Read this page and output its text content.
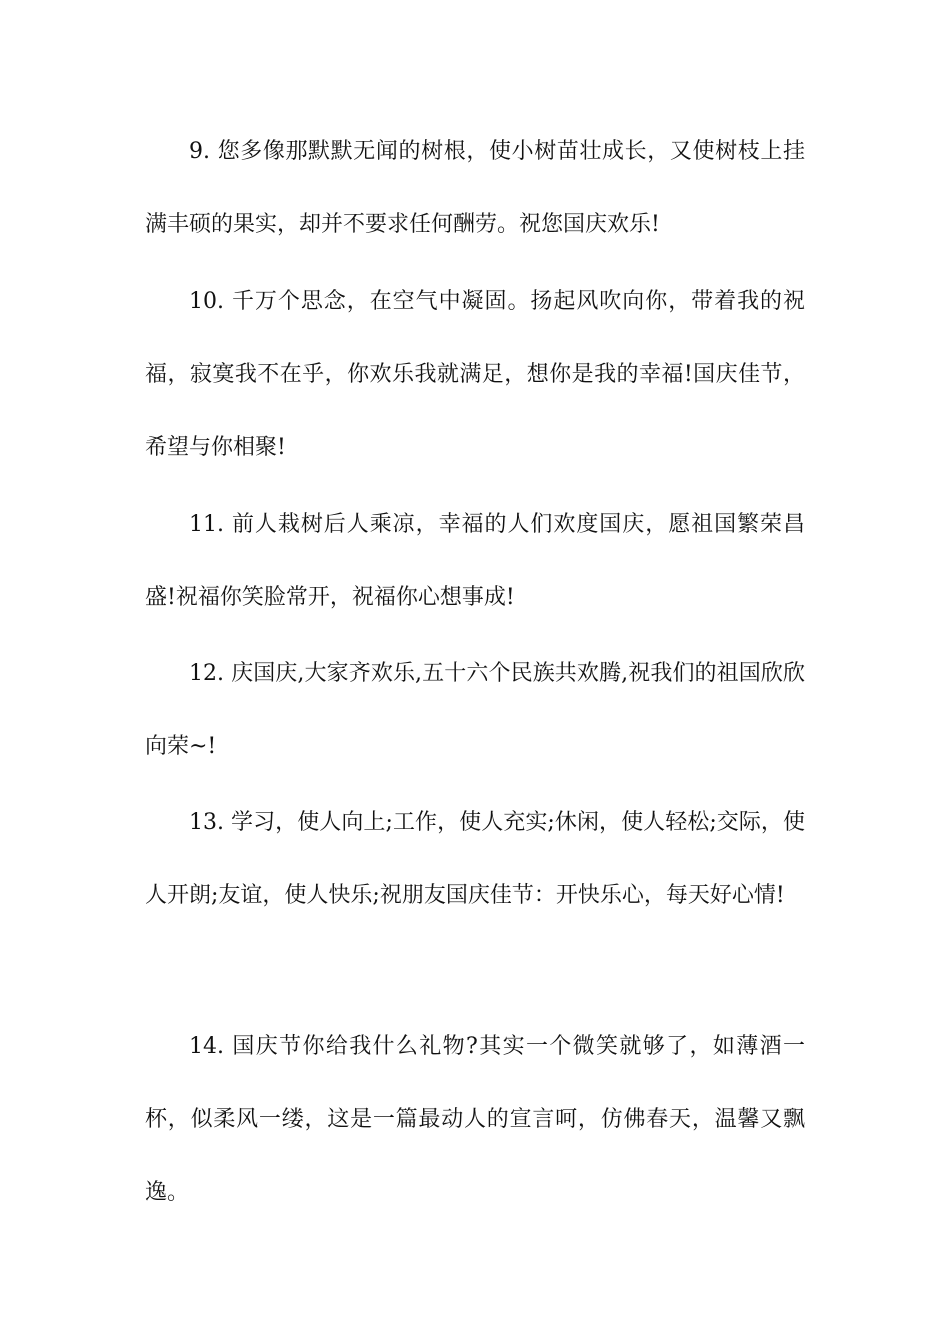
9. 您多像那默默无闻的树根，使小树苗壮成长，又使树枝上挂满丰硕的果实，却并不要求任何酬劳。祝您国庆欢乐!

10. 千万个思念，在空气中凝固。扬起风吹向你，带着我的祝福，寂寞我不在乎，你欢乐我就满足，想你是我的幸福!国庆佳节，希望与你相聚!

11. 前人栽树后人乘凉，幸福的人们欢度国庆，愿祖国繁荣昌盛!祝福你笑脸常开，祝福你心想事成!

12. 庆国庆,大家齐欢乐,五十六个民族共欢腾,祝我们的祖国欣欣向荣~!

13. 学习，使人向上;工作，使人充实;休闲，使人轻松;交际，使人开朗;友谊，使人快乐;祝朋友国庆佳节：开快乐心，每天好心情!

14. 国庆节你给我什么礼物?其实一个微笑就够了，如薄酒一杯，似柔风一缕，这是一篇最动人的宣言呵，仿佛春天，温馨又飘逸。
